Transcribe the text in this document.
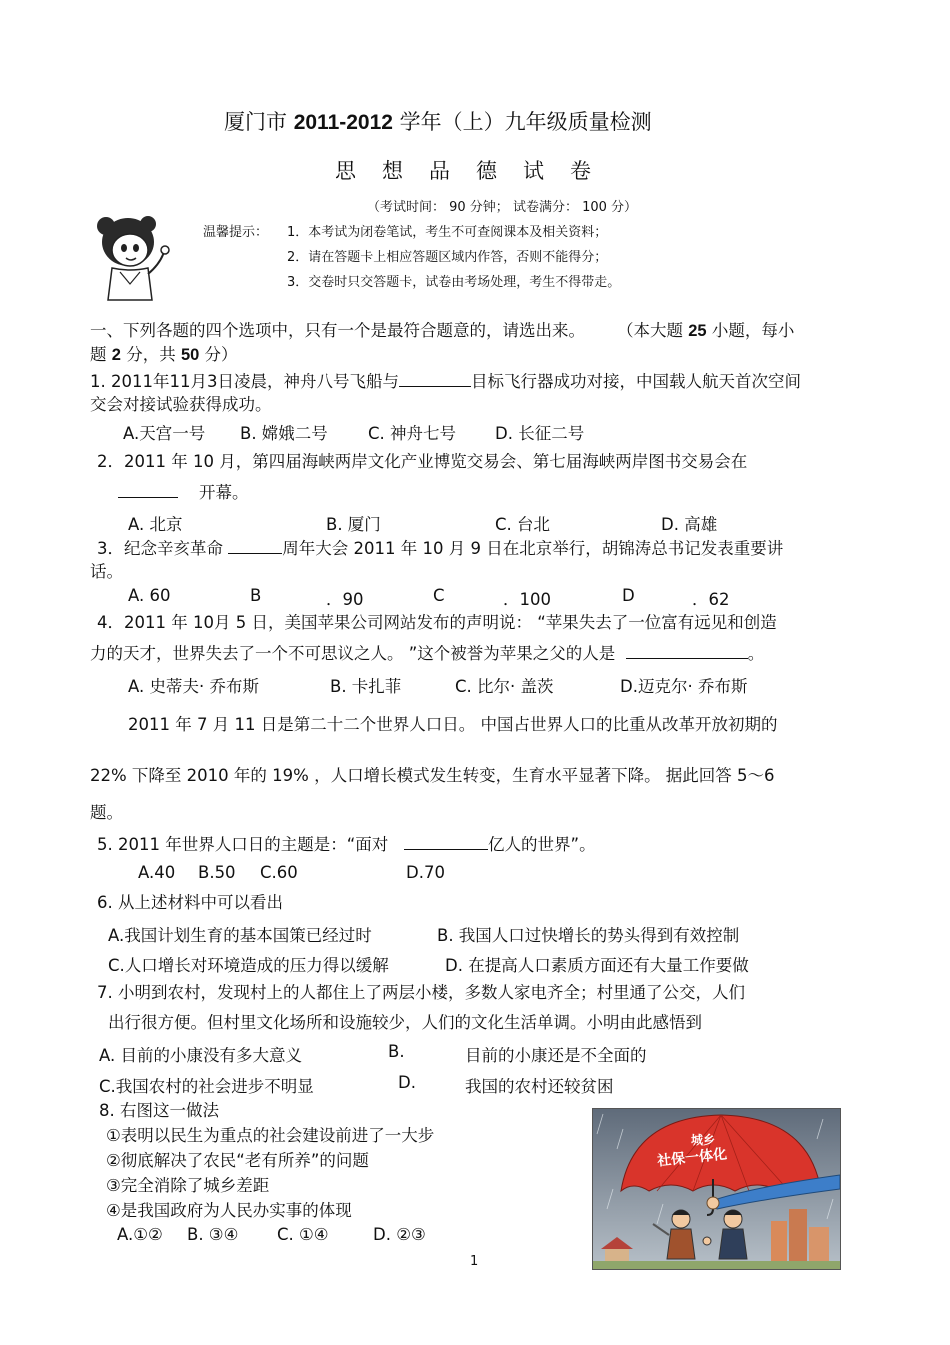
厦门市 2011-2012 学年（上）九年级质量检测
思想品德试卷
（考试时间： 90 分钟； 试卷满分： 100 分）
温馨提示： 1．本考试为闭卷笔试，考生不可查阅课本及相关资料；
2．请在答题卡上相应答题区域内作答，否则不能得分；
3．交卷时只交答题卡，试卷由考场处理，考生不得带走。
一、下列各题的四个选项中，只有一个是最符合题意的，请选出来。 （本大题 25 小题，每小
题 2 分，共 50 分）
1. 2011年11月3日凌晨，神舟八号飞船与	目标飞行器成功对接，中国载人航天首次空间
交会对接试验获得成功。
A.天宫一号 B. 嫦娥二号 C. 神舟七号 D. 长征二号
2．2011 年 10 月，第四届海峡两岸文化产业博览交易会、第七届海峡两岸图书交易会在
开幕。
A. 北京	B. 厦门	C. 台北	D. 高雄
3．纪念辛亥革命	周年大会 2011 年 10 月 9 日在北京举行，胡锦涛总书记发表重要讲
话。
A. 60	B	．90	C	．100	D	．62
4．2011 年 10月 5 日，美国苹果公司网站发布的声明说： “苹果失去了一位富有远见和创造
力的天才，世界失去了一个不可思议之人。 ”这个被誉为苹果之父的人是	。
A. 史蒂夫· 乔布斯	B. 卡扎菲	C. 比尔· 盖茨	D.迈克尔· 乔布斯
2011 年 7 月 11 日是第二十二个世界人口日。 中国占世界人口的比重从改革开放初期的
22% 下降至 2010 年的 19% ，人口增长模式发生转变，生育水平显著下降。 据此回答 5～6
题。
5. 2011 年世界人口日的主题是：“面对	亿人的世界”。
A.40 B.50 C.60	D.70
6. 从上述材料中可以看出
A.我国计划生育的基本国策已经过时	B. 我国人口过快增长的势头得到有效控制
C.人口增长对环境造成的压力得以缓解	D. 在提高人口素质方面还有大量工作要做
7. 小明到农村，发现村上的人都住上了两层小楼，多数人家电齐全；村里通了公交，人们
出行很方便。但村里文化场所和设施较少，人们的文化生活单调。小明由此感悟到
A. 目前的小康没有多大意义	B.	目前的小康还是不全面的
C.我国农村的社会进步不明显	D.	我国的农村还较贫困
8. 右图这一做法
①表明以民生为重点的社会建设前进了一大步
②彻底解决了农民“老有所养”的问题
③完全消除了城乡差距
④是我国政府为人民办实事的体现
A.①② B. ③④ C. ①④	D. ②③
城乡
社保一体化
1
